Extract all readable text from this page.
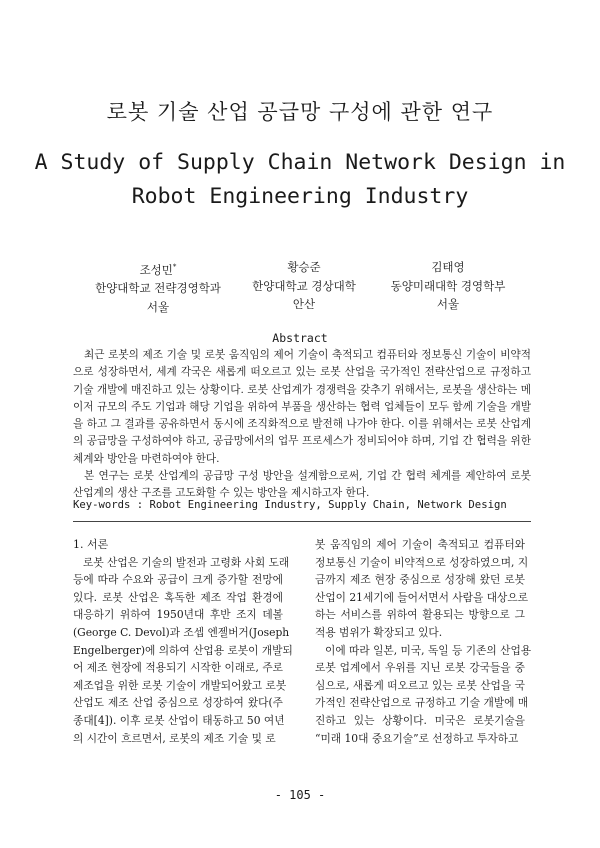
로봇 기술 산업 공급망 구성에 관한 연구
A Study of Supply Chain Network Design in
Robot Engineering Industry
조성민*
한양대학교 전략경영학과
서울
황승준
한양대학교 경상대학
안산
김태영
동양미래대학 경영학부
서울
Abstract

최근 로봇의 제조 기술 및 로봇 움직임의 제어 기술이 축적되고 컴퓨터와 정보통신 기술이 비약적으로 성장하면서, 세계 각국은 새롭게 떠오르고 있는 로봇 산업을 국가적인 전략산업으로 규정하고 기술 개발에 매진하고 있는 상황이다. 로봇 산업계가 경쟁력을 갖추기 위해서는, 로봇을 생산하는 메이저 규모의 주도 기업과 해당 기업을 위하여 부품을 생산하는 협력 업체들이 모두 함께 기술을 개발을 하고 그 결과를 공유하면서 동시에 조직화적으로 발전해 나가야 한다. 이를 위해서는 로봇 산업계의 공급망을 구성하여야 하고, 공급망에서의 업무 프로세스가 정비되어야 하며, 기업 간 협력을 위한 체계와 방안을 마련하여야 한다.

본 연구는 로봇 산업계의 공급망 구성 방안을 설계함으로써, 기업 간 협력 체계를 제안하여 로봇 산업계의 생산 구조를 고도화할 수 있는 방안을 제시하고자 한다.

Key-words : Robot Engineering Industry, Supply Chain, Network Design
1. 서론
로봇 산업은 기술의 발전과 고령화 사회 도래
등에 따라 수요와 공급이 크게 증가할 전망에
있다. 로봇 산업은 혹독한 제조 작업 환경에
대응하기 위하여 1950년대 후반 조지 데볼
(George C. Devol)과 조셉 엔젤버거(Joseph
Engelberger)에 의하여 산업용 로봇이 개발되
어 제조 현장에 적용되기 시작한 이래로, 주로
제조업을 위한 로봇 기술이 개발되어왔고 로봇
산업도 제조 산업 중심으로 성장하여 왔다(주
종대[4]). 이후 로봇 산업이 태동하고 50 여년
의 시간이 흐르면서, 로봇의 제조 기술 및 로
봇 움직임의 제어 기술이 축적되고 컴퓨터와
정보통신 기술이 비약적으로 성장하였으며, 지
금까지 제조 현장 중심으로 성장해 왔던 로봇
산업이 21세기에 들어서면서 사람을 대상으로
하는 서비스를 위하여 활용되는 방향으로 그
적용 범위가 확장되고 있다.
이에 따라 일본, 미국, 독일 등 기존의 산업용
로봇 업계에서 우위를 지닌 로봇 강국들을 중
심으로, 새롭게 떠오르고 있는 로봇 산업을 국
가적인 전략산업으로 규정하고 기술 개발에 매
진하고 있는 상황이다. 미국은 로봇기술을
“미래 10대 중요기술”로 선정하고 투자하고
- 105 -
